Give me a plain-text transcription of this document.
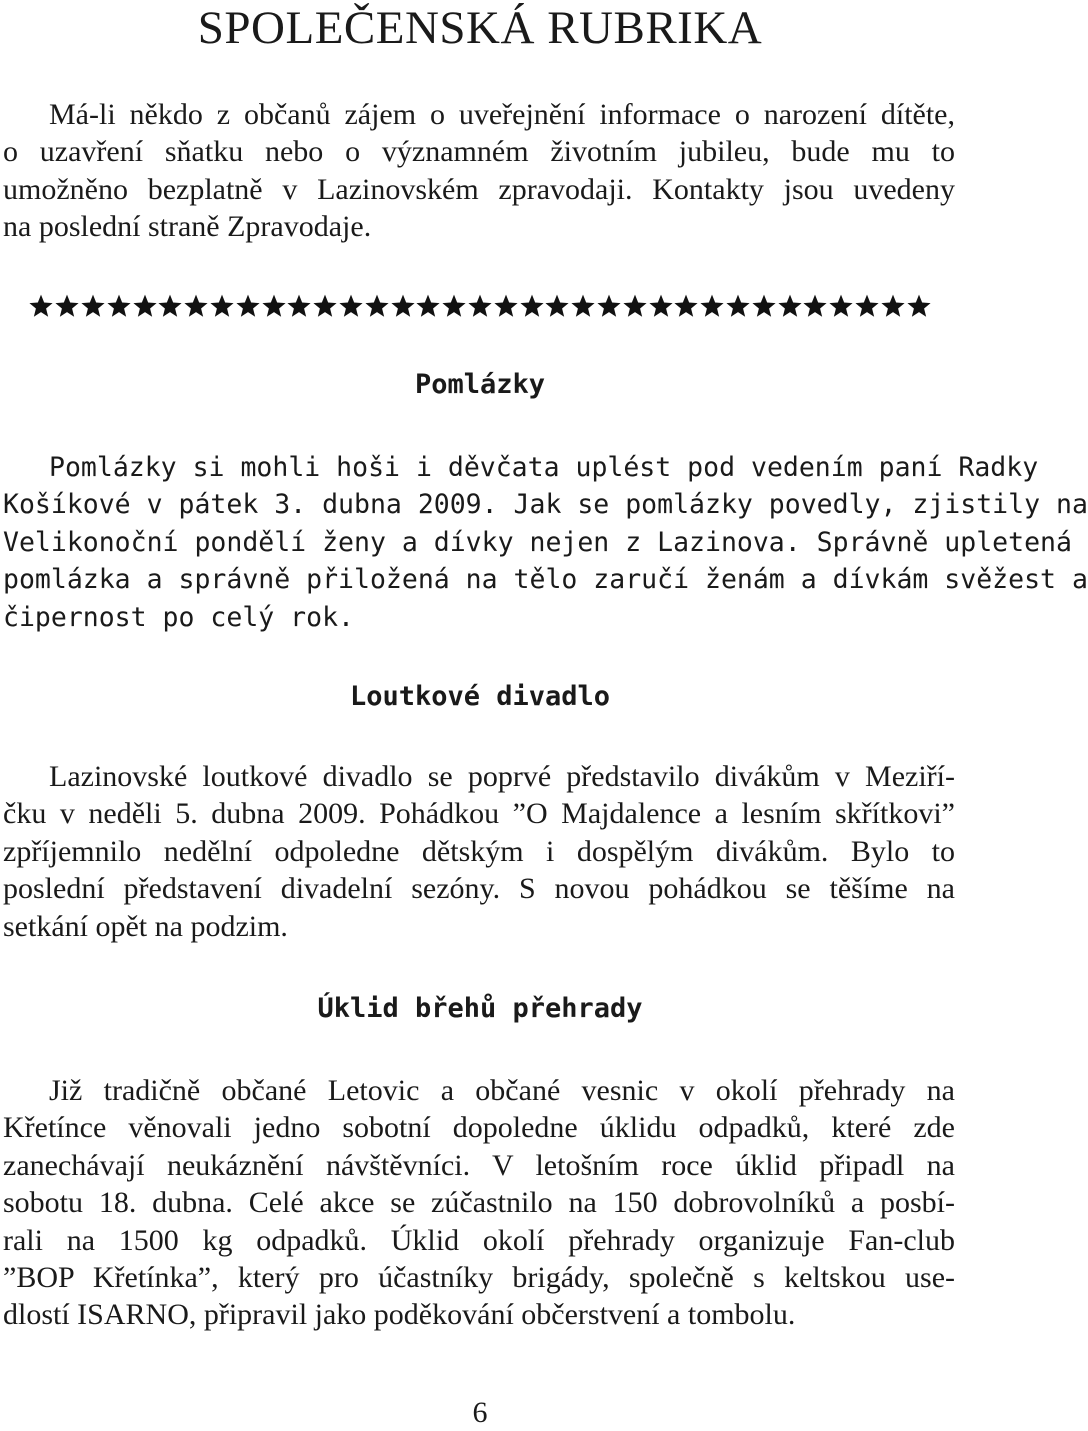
SPOLEČENSKÁ RUBRIKA
Má-li někdo z občanů zájem o uveřejnění informace o narození dítěte,
o uzavření sňatku nebo o významném životním jubileu, bude mu to
umožněno bezplatně v Lazinovském zpravodaji. Kontakty jsou uvedeny
na poslední straně Zpravodaje.
Pomlázky
Pomlázky si mohli hoši i děvčata uplést pod vedením paní Radky
Košíkové v pátek 3. dubna 2009. Jak se pomlázky povedly, zjistily na
Velikonoční pondělí ženy a dívky nejen z Lazinova. Správně upletená
pomlázka a správně přiložená na tělo zaručí ženám a dívkám svěžest a
čipernost po celý rok.
Loutkové divadlo
Lazinovské loutkové divadlo se poprvé představilo divákům v Meziří-
čku v neděli 5. dubna 2009. Pohádkou ”O Majdalence a lesním skřítkovi”
zpříjemnilo nedělní odpoledne dětským i dospělým divákům. Bylo to
poslední představení divadelní sezóny. S novou pohádkou se těšíme na
setkání opět na podzim.
Úklid břehů přehrady
Již tradičně občané Letovic a občané vesnic v okolí přehrady na
Křetínce věnovali jedno sobotní dopoledne úklidu odpadků, které zde
zanechávají neukáznění návštěvníci. V letošním roce úklid připadl na
sobotu 18. dubna. Celé akce se zúčastnilo na 150 dobrovolníků a posbí-
rali na 1500 kg odpadků. Úklid okolí přehrady organizuje Fan-club
”BOP Křetínka”, který pro účastníky brigády, společně s keltskou use-
dlostí ISARNO, připravil jako poděkování občerstvení a tombolu.
6
